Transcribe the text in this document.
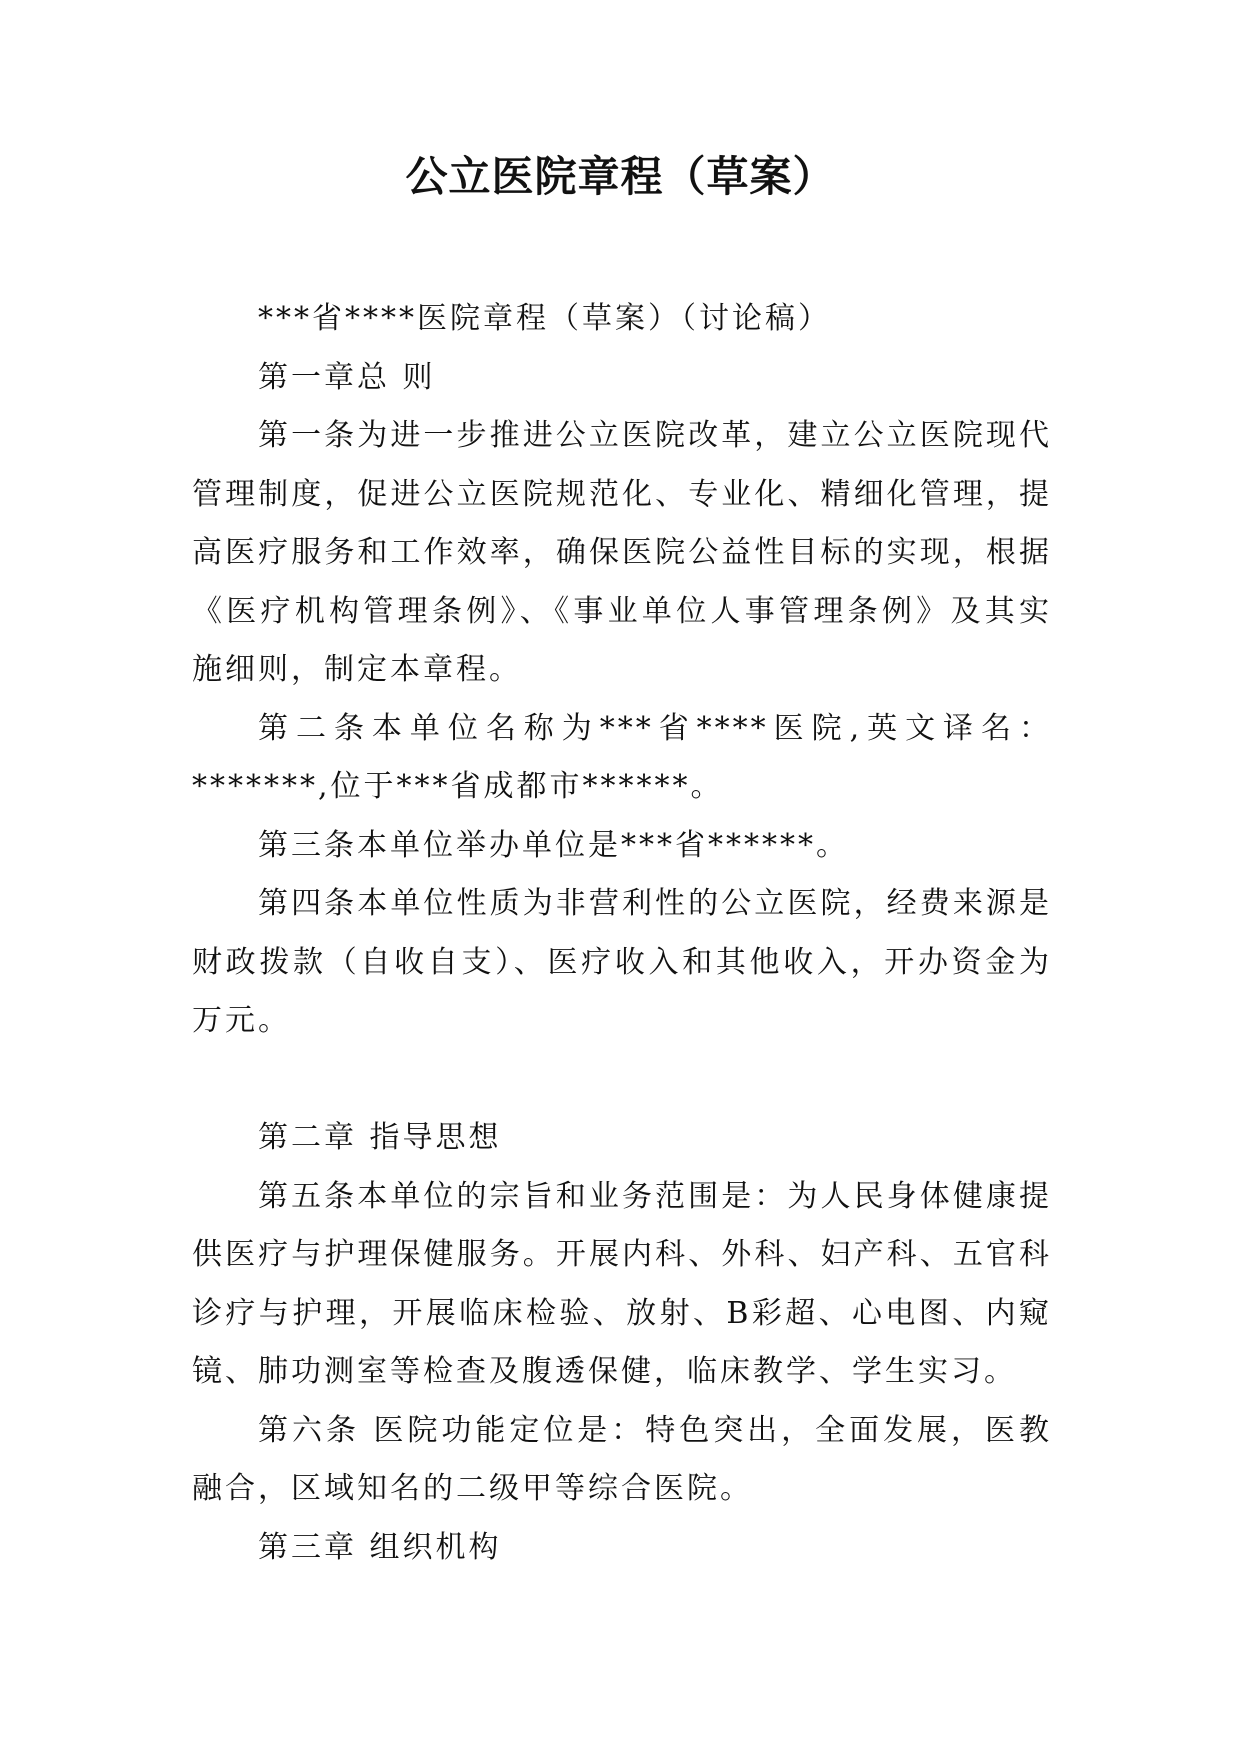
公立医院章程（草案）

***省****医院章程（草案）（讨论稿）

第一章总 则

第一条为进一步推进公立医院改革，建立公立医院现代管理制度，促进公立医院规范化、专业化、精细化管理，提高医疗服务和工作效率，确保医院公益性目标的实现，根据《医疗机构管理条例》、《事业单位人事管理条例》及其实施细则，制定本章程。

第二条本单位名称为***省****医院,英文译名：*******,位于***省成都市******。

第三条本单位举办单位是***省******。

第四条本单位性质为非营利性的公立医院，经费来源是财政拨款（自收自支）、医疗收入和其他收入，开办资金为万元。

第二章 指导思想

第五条本单位的宗旨和业务范围是：为人民身体健康提供医疗与护理保健服务。开展内科、外科、妇产科、五官科诊疗与护理，开展临床检验、放射、B彩超、心电图、内窥镜、肺功测室等检查及腹透保健，临床教学、学生实习。

第六条 医院功能定位是：特色突出，全面发展，医教融合，区域知名的二级甲等综合医院。

第三章 组织机构
